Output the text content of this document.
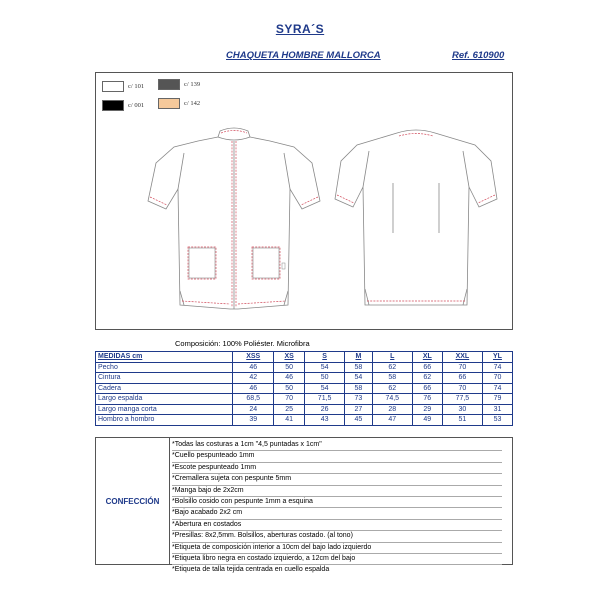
SYRA´S
CHAQUETA HOMBRE MALLORCA	Ref. 610900
c/ 101	c/ 139
c/ 001	c/ 142
Composición: 100% Poliéster. Microfibra
MEDIDAS cm	XSS	XS	S	M	L	XL	XXL	YL
Pecho	46	50	54	58	62	66	70	74
Cintura	42	46	50	54	58	62	66	70
Cadera	46	50	54	58	62	66	70	74
Largo espalda	68,5	70	71,5	73	74,5	76	77,5	79
Largo manga corta	24	25	26	27	28	29	30	31
Hombro a hombro	39	41	43	45	47	49	51	53
CONFECCIÓN
*Todas las costuras a 1cm "4,5 puntadas x 1cm"
*Cuello pespunteado 1mm
*Escote pespunteado 1mm
*Cremallera sujeta con pespunte 5mm
*Manga bajo de 2x2cm
*Bolsillo cosido con pespunte 1mm a esquina
*Bajo acabado 2x2 cm
*Abertura en costados
*Presillas: 8x2,5mm. Bolsillos, aberturas costado. (al tono)
*Etiqueta de composición interior a 10cm del bajo lado izquierdo
*Etiqueta libro negra en costado izquierdo, a 12cm del bajo
*Etiqueta de talla tejida centrada en cuello espalda
